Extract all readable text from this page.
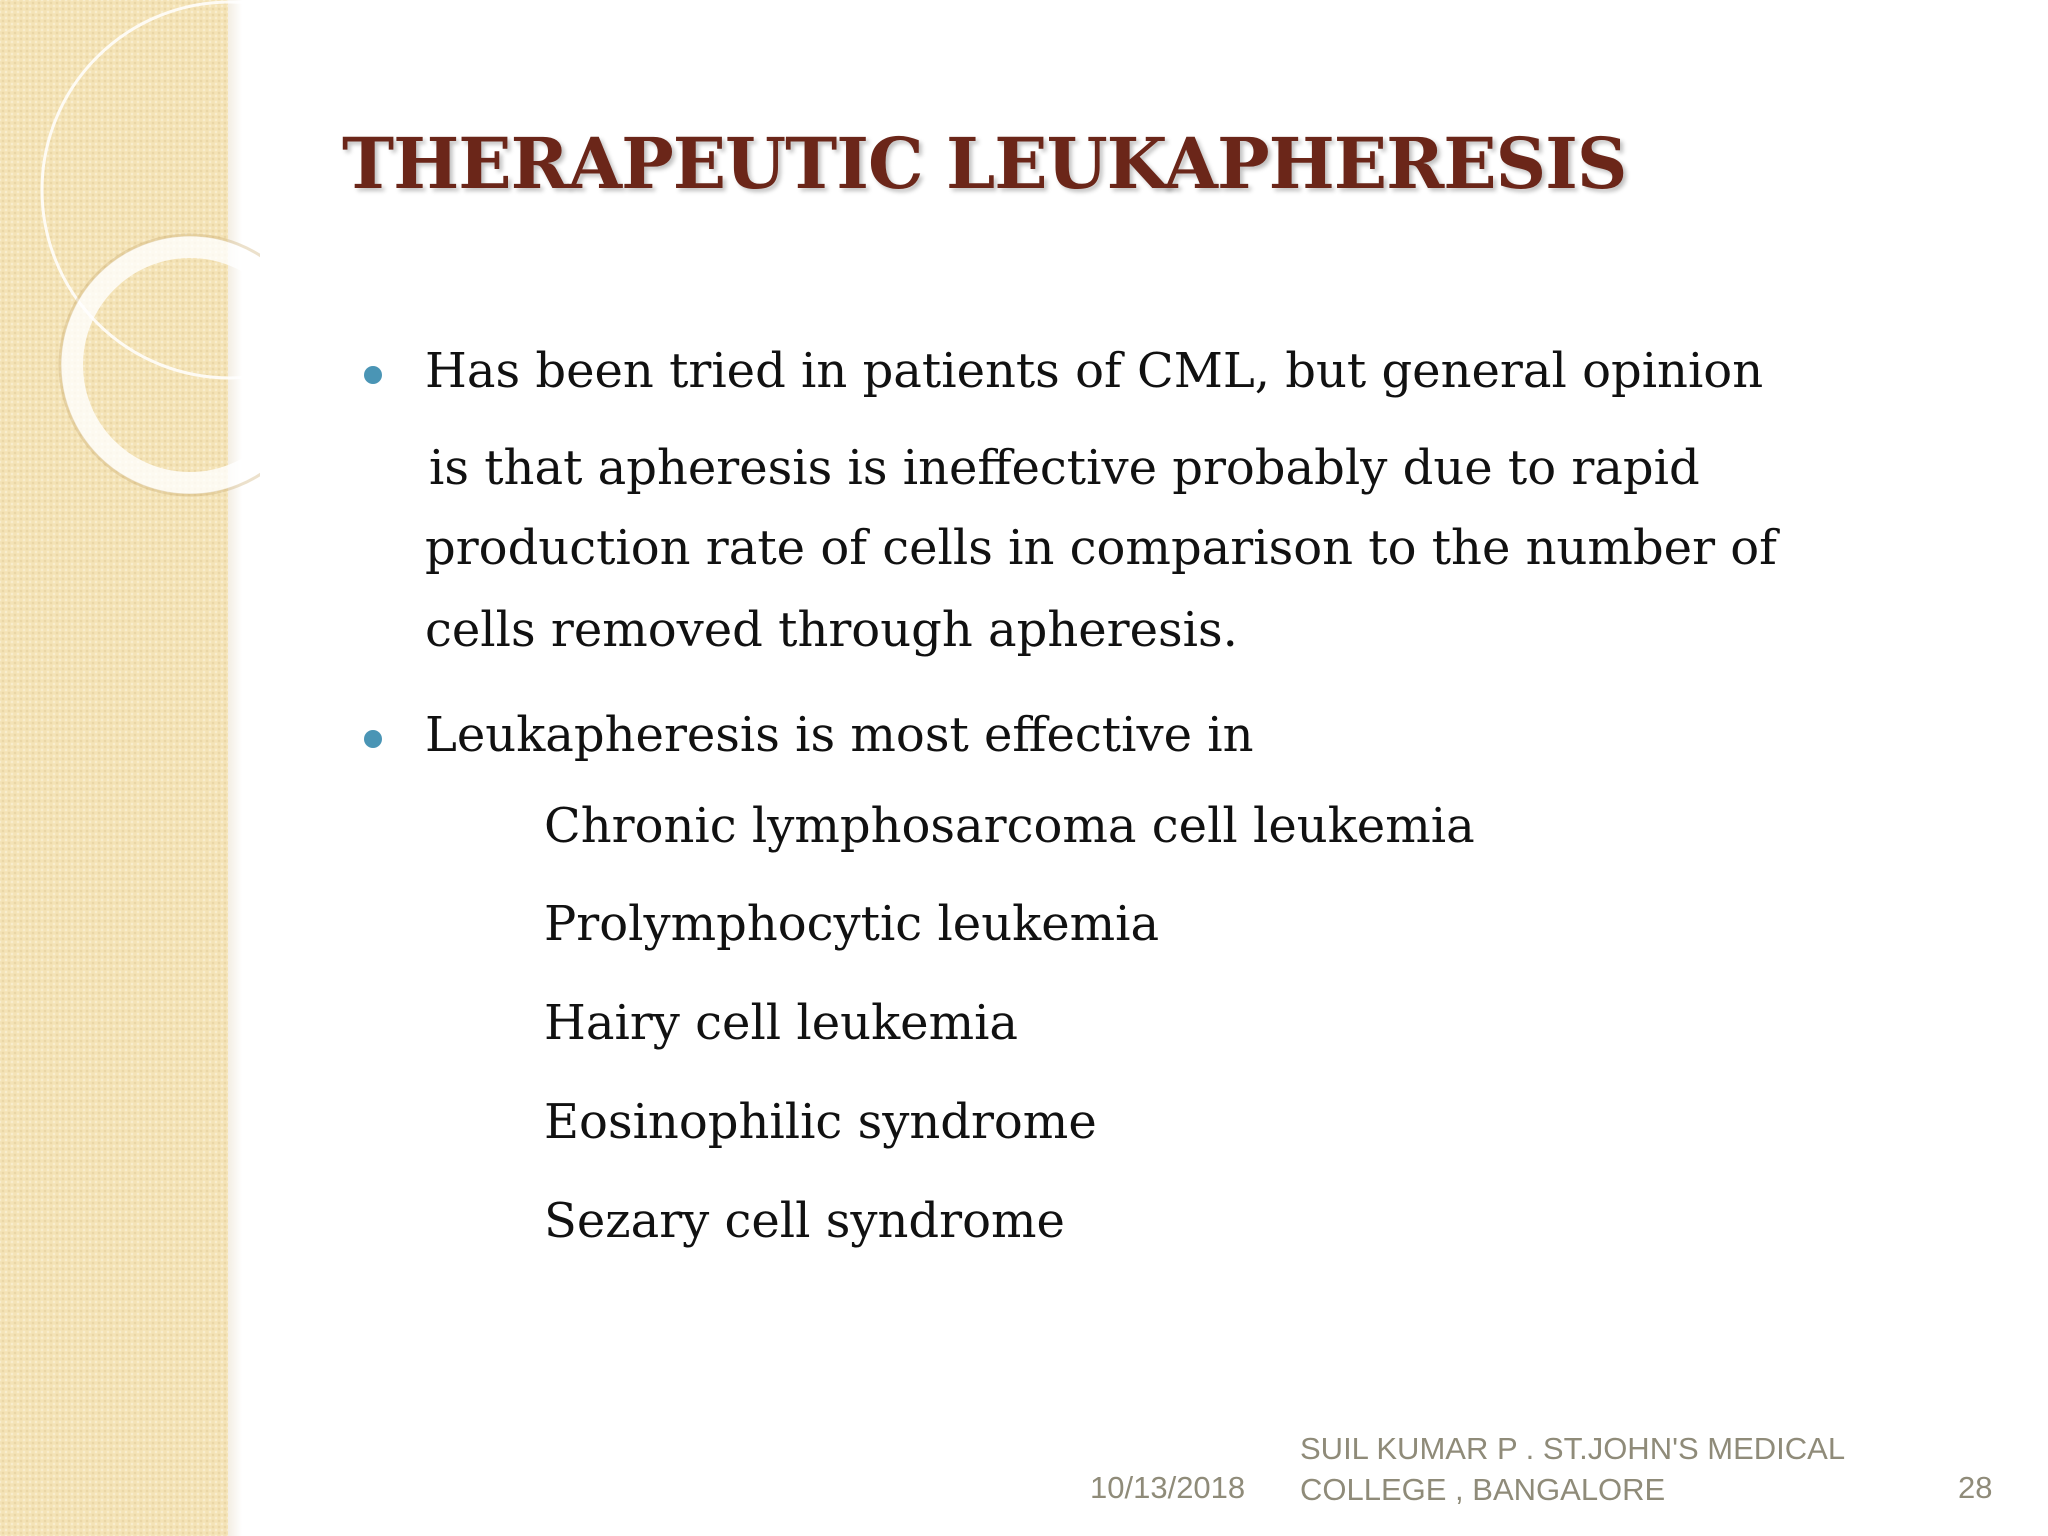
THERAPEUTIC LEUKAPHERESIS

Has been tried in patients of CML, but general opinion
is that apheresis is ineffective probably due to rapid
production rate of cells in comparison to the number of
cells removed through apheresis.

Leukapheresis is most effective in

Chronic lymphosarcoma cell leukemia

Prolymphocytic leukemia

Hairy cell leukemia

Eosinophilic syndrome

Sezary cell syndrome

10/13/2018
SUIL KUMAR P . ST.JOHN'S MEDICAL COLLEGE , BANGALORE	28
